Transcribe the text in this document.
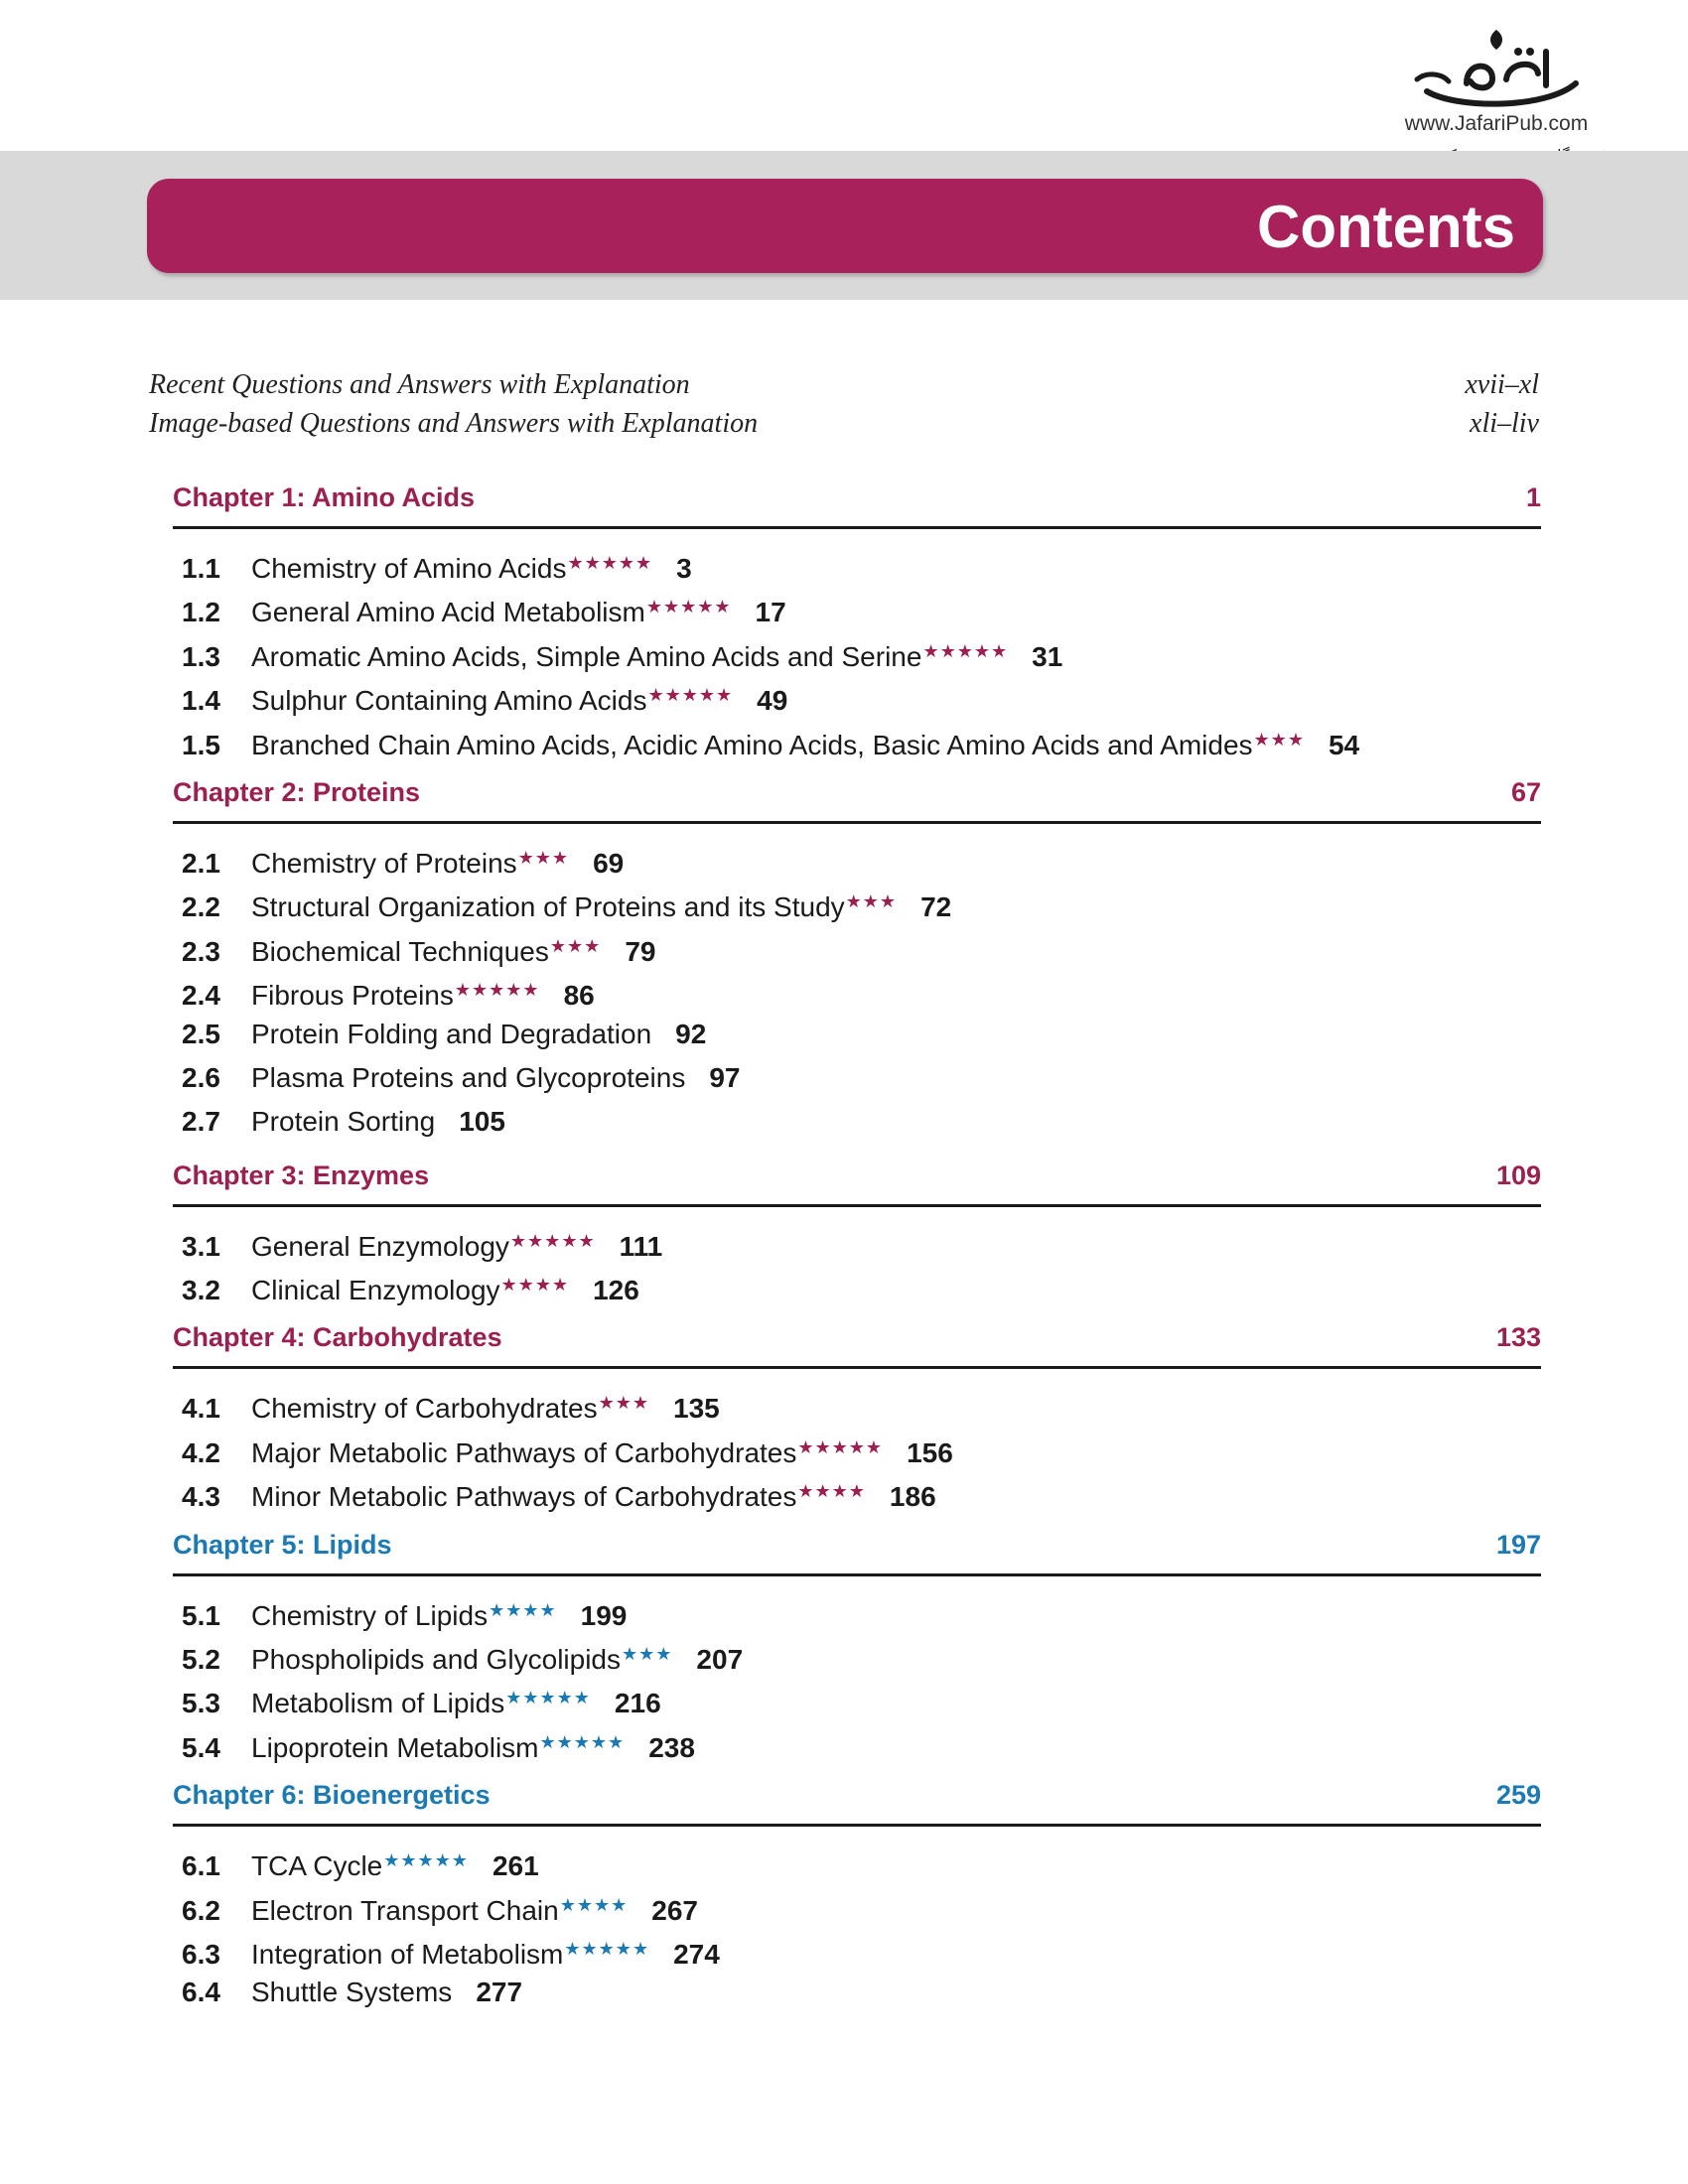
www.JafariPub.com
Contents
Recent Questions and Answers with Explanation	xvii–xl
Image-based Questions and Answers with Explanation	xli–liv
Chapter 1: Amino Acids	1
1.1 Chemistry of Amino Acids★★★★★ 3
1.2 General Amino Acid Metabolism★★★★★ 17
1.3 Aromatic Amino Acids, Simple Amino Acids and Serine★★★★★ 31
1.4 Sulphur Containing Amino Acids★★★★★ 49
1.5 Branched Chain Amino Acids, Acidic Amino Acids, Basic Amino Acids and Amides★★★ 54
Chapter 2: Proteins	67
2.1 Chemistry of Proteins★★★ 69
2.2 Structural Organization of Proteins and its Study★★★ 72
2.3 Biochemical Techniques★★★ 79
2.4 Fibrous Proteins★★★★★ 86
2.5 Protein Folding and Degradation 92
2.6 Plasma Proteins and Glycoproteins 97
2.7 Protein Sorting 105
Chapter 3: Enzymes	109
3.1 General Enzymology★★★★★ 111
3.2 Clinical Enzymology★★★★ 126
Chapter 4: Carbohydrates	133
4.1 Chemistry of Carbohydrates★★★ 135
4.2 Major Metabolic Pathways of Carbohydrates★★★★★ 156
4.3 Minor Metabolic Pathways of Carbohydrates★★★★ 186
Chapter 5: Lipids	197
5.1 Chemistry of Lipids★★★★ 199
5.2 Phospholipids and Glycolipids★★★ 207
5.3 Metabolism of Lipids★★★★★ 216
5.4 Lipoprotein Metabolism★★★★★ 238
Chapter 6: Bioenergetics	259
6.1 TCA Cycle★★★★★ 261
6.2 Electron Transport Chain★★★★ 267
6.3 Integration of Metabolism★★★★★ 274
6.4 Shuttle Systems 277
